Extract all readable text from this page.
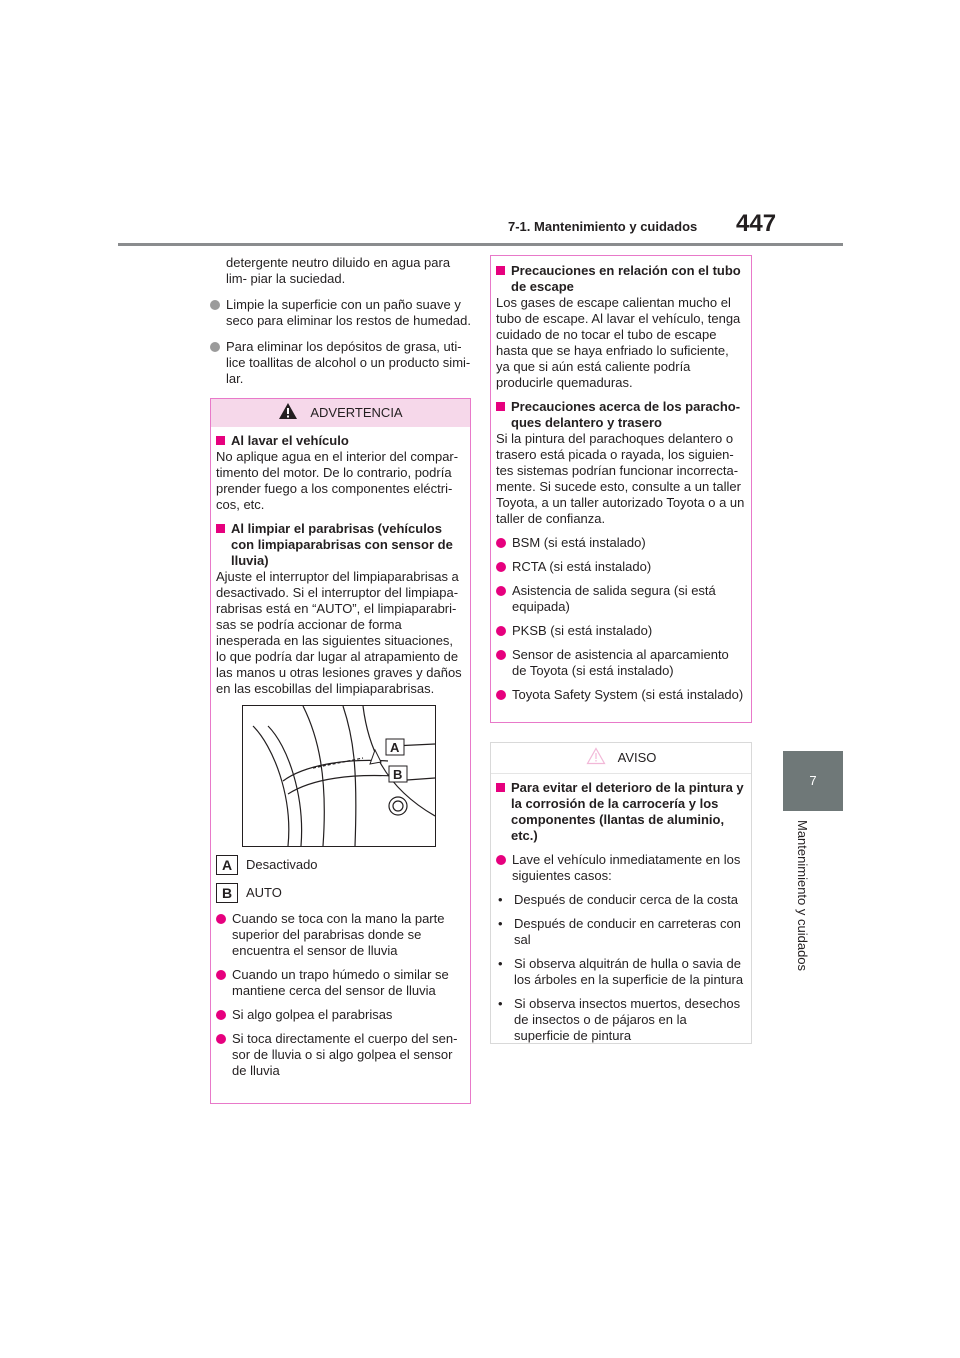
7-1. Mantenimiento y cuidados 447
7
Mantenimiento y cuidados
detergente neutro diluido en agua para lim- piar la suciedad.
Limpie la superficie con un paño suave y seco para eliminar los restos de humedad.
Para eliminar los depósitos de grasa, uti- lice toallitas de alcohol o un producto simi- lar.
ADVERTENCIA
Al lavar el vehículo
No aplique agua en el interior del compar- timento del motor. De lo contrario, podría prender fuego a los componentes eléctri- cos, etc.
Al limpiar el parabrisas (vehículos con limpiaparabrisas con sensor de lluvia)
Ajuste el interruptor del limpiaparabrisas a desactivado. Si el interruptor del limpiapa- rabrisas está en “AUTO”, el limpiaparabri- sas se podría accionar de forma inesperada en las siguientes situaciones, lo que podría dar lugar al atrapamiento de las manos u otras lesiones graves y daños en las escobillas del limpiaparabrisas.
A
B
A	Desactivado
B	AUTO
Cuando se toca con la mano la parte superior del parabrisas donde se encuentra el sensor de lluvia
Cuando un trapo húmedo o similar se mantiene cerca del sensor de lluvia
Si algo golpea el parabrisas
Si toca directamente el cuerpo del sen- sor de lluvia o si algo golpea el sensor de lluvia
Precauciones en relación con el tubo de escape
Los gases de escape calientan mucho el tubo de escape. Al lavar el vehículo, tenga cuidado de no tocar el tubo de escape hasta que se haya enfriado lo suficiente, ya que si aún está caliente podría producirle quemaduras.
Precauciones acerca de los paracho- ques delantero y trasero
Si la pintura del parachoques delantero o trasero está picada o rayada, los siguien- tes sistemas podrían funcionar incorrecta- mente. Si sucede esto, consulte a un taller Toyota, a un taller autorizado Toyota o a un taller de confianza.
BSM (si está instalado)
RCTA (si está instalado)
Asistencia de salida segura (si está equipada)
PKSB (si está instalado)
Sensor de asistencia al aparcamiento de Toyota (si está instalado)
Toyota Safety System (si está instalado)
AVISO
Para evitar el deterioro de la pintura y la corrosión de la carrocería y los componentes (llantas de aluminio, etc.)
Lave el vehículo inmediatamente en los siguientes casos:
• Después de conducir cerca de la costa
• Después de conducir en carreteras con sal
• Si observa alquitrán de hulla o savia de los árboles en la superficie de la pintura
• Si observa insectos muertos, desechos de insectos o de pájaros en la superficie de pintura
